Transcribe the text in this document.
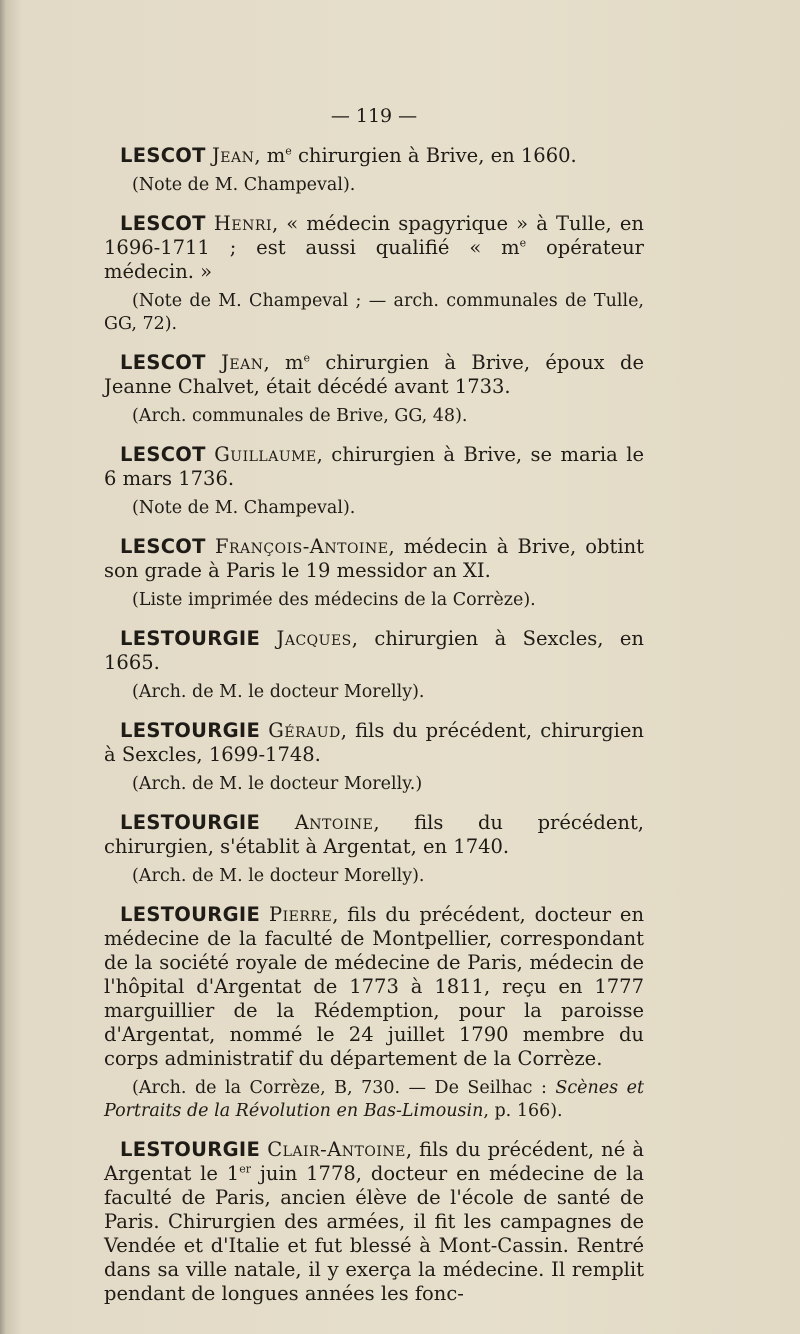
— 119 —

LESCOT Jean, $m^e$ chirurgien à Brive, en 1660.

(Note de M. Champeval).

LESCOT Henri, « médecin spagyrique » à Tulle, en 1696-1711 ; est aussi qualifié « $m^e$ opérateur médecin. »

(Note de M. Champeval ; — arch. communales de Tulle, GG, 72).

LESCOT Jean, $m^e$ chirurgien à Brive, époux de Jeanne Chalvet, était décédé avant 1733.

(Arch. communales de Brive, GG, 48).

LESCOT Guillaume, chirurgien à Brive, se maria le 6 mars 1736.

(Note de M. Champeval).

LESCOT François-Antoine, médecin à Brive, obtint son grade à Paris le 19 messidor an XI.

(Liste imprimée des médecins de la Corrèze).

LESTOURGIE Jacques, chirurgien à Sexcles, en 1665.

(Arch. de M. le docteur Morelly).

LESTOURGIE Géraud, fils du précédent, chirurgien à Sexcles, 1699-1748.

(Arch. de M. le docteur Morelly.)

LESTOURGIE Antoine, fils du précédent, chirurgien, s'établit à Argentat, en 1740.

(Arch. de M. le docteur Morelly).

LESTOURGIE Pierre, fils du précédent, docteur en médecine de la faculté de Montpellier, correspondant de la société royale de médecine de Paris, médecin de l'hôpital d'Argentat de 1773 à 1811, reçu en 1777 marguillier de la Rédemption, pour la paroisse d'Argentat, nommé le 24 juillet 1790 membre du corps administratif du département de la Corrèze.

(Arch. de la Corrèze, B, 730. — De Seilhac : Scènes et Portraits de la Révolution en Bas-Limousin, p. 166).

LESTOURGIE Clair-Antoine, fils du précédent, né à Argentat le 1er juin 1778, docteur en médecine de la faculté de Paris, ancien élève de l'école de santé de Paris. Chirurgien des armées, il fit les campagnes de Vendée et d'Italie et fut blessé à Mont-Cassin. Rentré dans sa ville natale, il y exerça la médecine. Il remplit pendant de longues années les fonc-
